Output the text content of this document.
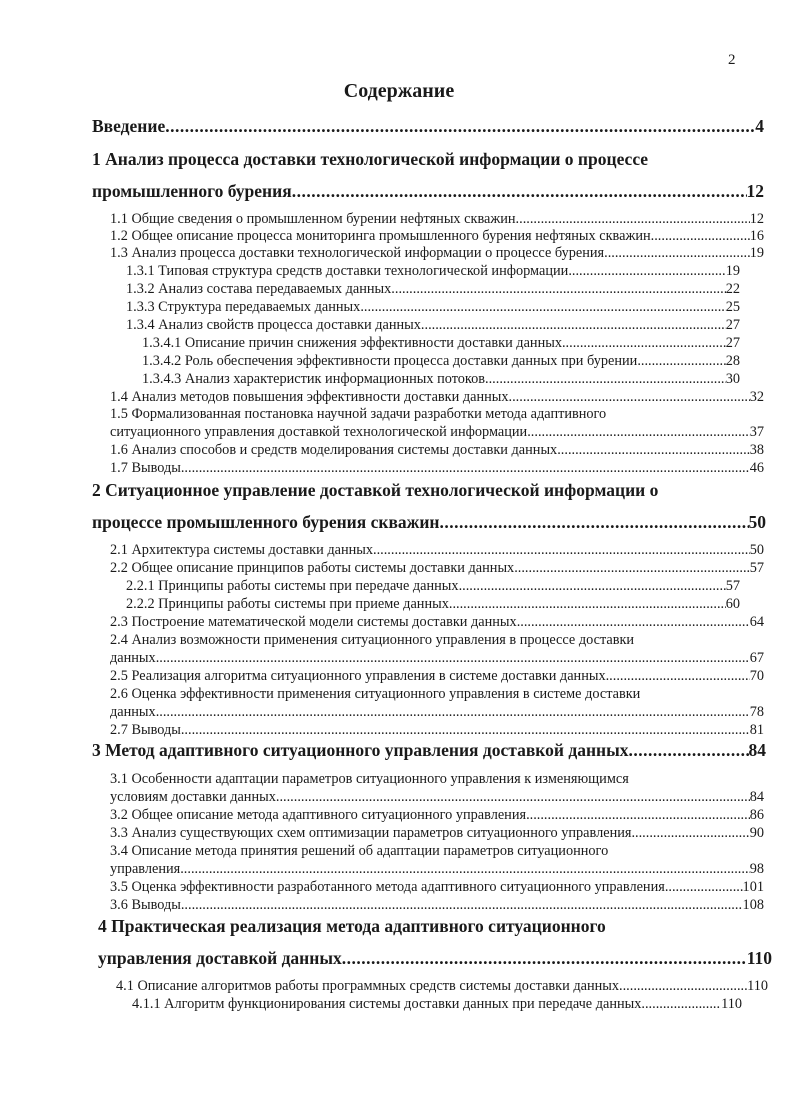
2
Содержание
Введение .....	4
1 Анализ процесса доставки технологической информации о процессе
промышленного бурения .....	12
1.1 Общие сведения о промышленном бурении нефтяных скважин .....	12
1.2 Общее описание процесса мониторинга промышленного бурения нефтяных скважин .....	16
1.3 Анализ процесса доставки технологической информации о процессе бурения .....	19
1.3.1 Типовая структура средств доставки технологической информации .....	19
1.3.2 Анализ состава передаваемых данных .....	22
1.3.3 Структура передаваемых данных .....	25
1.3.4 Анализ свойств процесса доставки данных .....	27
1.3.4.1 Описание причин снижения эффективности доставки данных .....	27
1.3.4.2 Роль обеспечения эффективности процесса доставки данных при бурении .....	28
1.3.4.3 Анализ характеристик информационных потоков .....	30
1.4 Анализ методов повышения эффективности доставки данных .....	32
1.5 Формализованная постановка научной задачи разработки метода адаптивного
ситуационного управления доставкой технологической информации .....	37
1.6 Анализ способов и средств моделирования системы доставки данных .....	38
1.7 Выводы .....	46
2 Ситуационное управление доставкой технологической информации о
процессе промышленного бурения скважин .....	50
2.1 Архитектура системы доставки данных .....	50
2.2 Общее описание принципов работы системы доставки данных .....	57
2.2.1 Принципы работы системы при передаче данных .....	57
2.2.2 Принципы работы системы при приеме данных .....	60
2.3 Построение математической модели системы доставки данных .....	64
2.4 Анализ возможности применения ситуационного управления в процессе доставки
данных .....	67
2.5 Реализация алгоритма ситуационного управления в системе доставки данных .....	70
2.6 Оценка эффективности применения ситуационного управления в системе доставки
данных .....	78
2.7 Выводы .....	81
3 Метод адаптивного ситуационного управления доставкой данных .....	84
3.1 Особенности адаптации параметров ситуационного управления к изменяющимся
условиям доставки данных .....	84
3.2 Общее описание метода адаптивного ситуационного управления .....	86
3.3 Анализ существующих схем оптимизации параметров ситуационного управления .....	90
3.4 Описание метода принятия решений об адаптации параметров ситуационного
управления .....	98
3.5 Оценка эффективности разработанного метода адаптивного ситуационного управления .....	101
3.6 Выводы .....	108
4 Практическая реализация метода адаптивного ситуационного
управления доставкой данных .....	110
4.1 Описание алгоритмов работы программных средств системы доставки данных .....	110
4.1.1 Алгоритм функционирования системы доставки данных при передаче данных .....	110
